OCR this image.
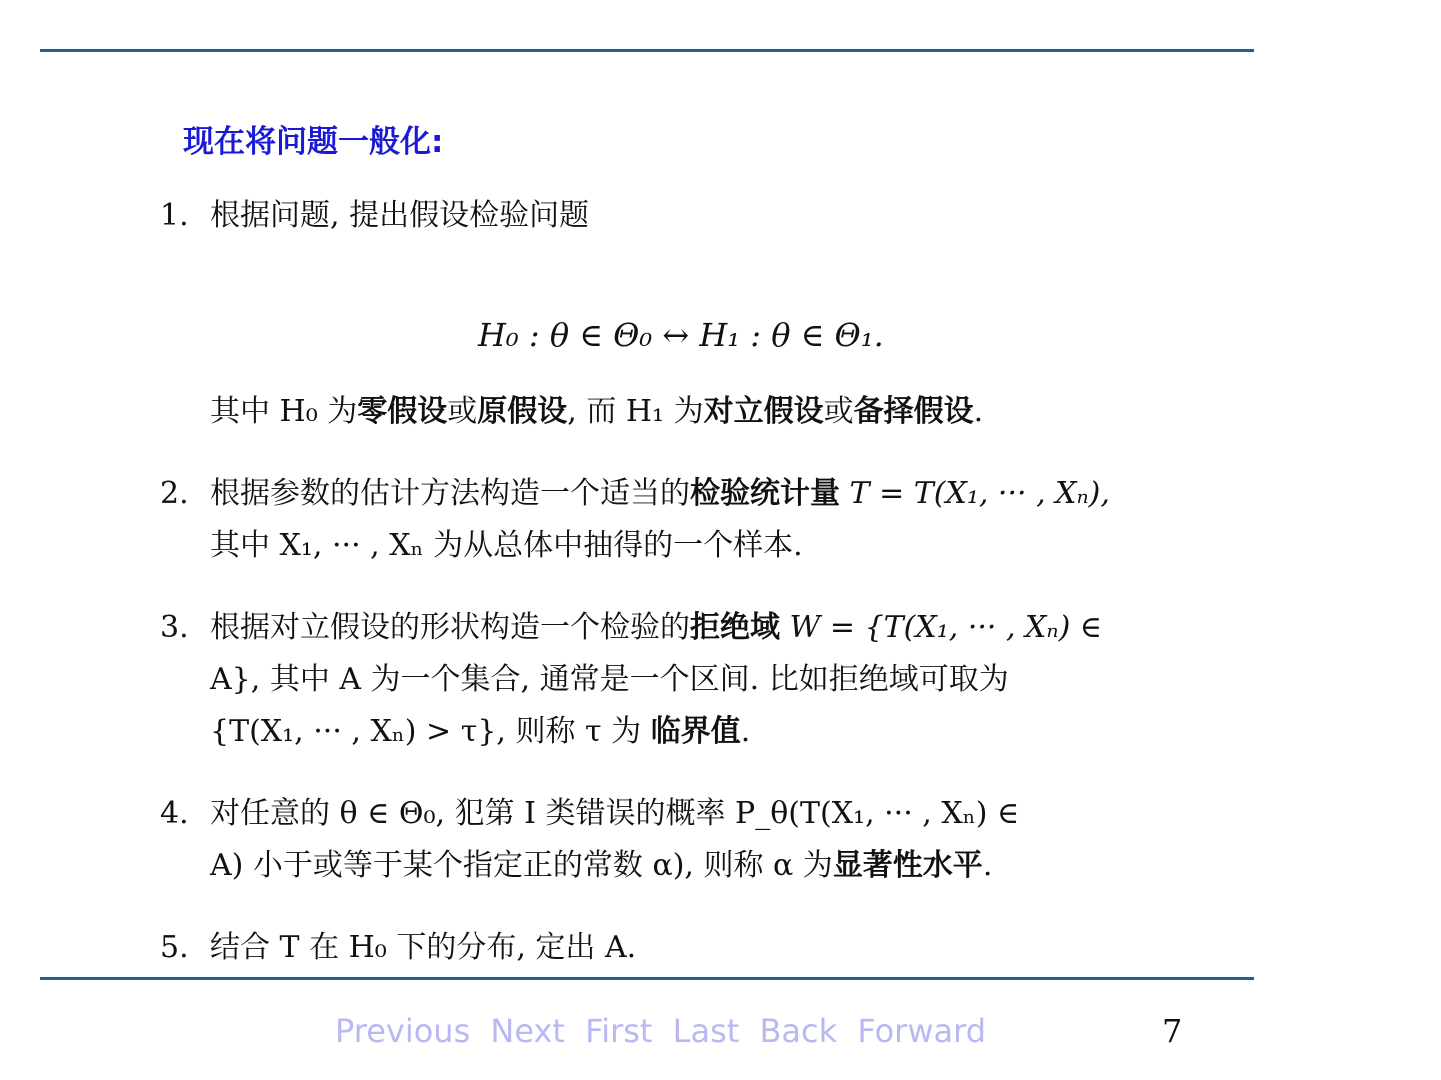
现在将问题一般化:
1. 根据问题, 提出假设检验问题
H₀ : θ ∈ Θ₀ ↔ H₁ : θ ∈ Θ₁.
其中 H₀ 为零假设或原假设, 而 H₁ 为对立假设或备择假设.
2. 根据参数的估计方法构造一个适当的检验统计量 T = T(X₁, ··· , Xₙ),
其中 X₁, ··· , Xₙ 为从总体中抽得的一个样本.
3. 根据对立假设的形状构造一个检验的拒绝域 W = {T(X₁, ··· , Xₙ) ∈
A}, 其中 A 为一个集合, 通常是一个区间. 比如拒绝域可取为
{T(X₁, ··· , Xₙ) > τ}, 则称 τ 为 临界值.
4. 对任意的 θ ∈ Θ₀, 犯第 I 类错误的概率 P_θ(T(X₁, ··· , Xₙ) ∈
A) 小于或等于某个指定正的常数 α), 则称 α 为显著性水平.
5. 结合 T 在 H₀ 下的分布, 定出 A.
Previous Next First Last Back Forward	7
